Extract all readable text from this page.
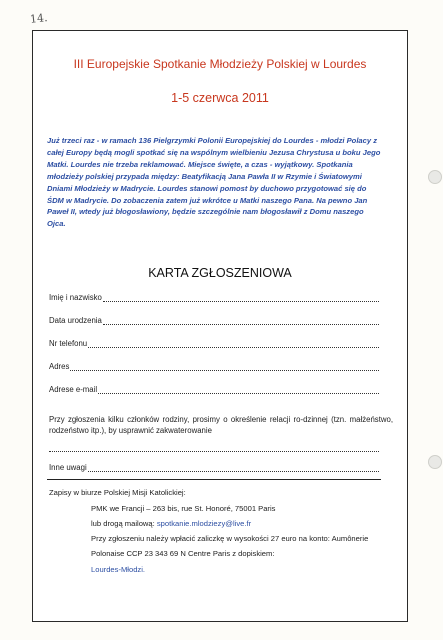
14.
III Europejskie Spotkanie Młodzieży Polskiej w Lourdes
1-5 czerwca 2011
Już trzeci raz - w ramach 136 Pielgrzymki Polonii Europejskiej do Lourdes - młodzi Polacy z
całej Europy będą mogli spotkać się na wspólnym wielbieniu Jezusa Chrystusa u boku Jego
Matki. Lourdes nie trzeba reklamować. Miejsce święte, a czas - wyjątkowy. Spotkania
młodzieży polskiej przypada między: Beatyfikacją Jana Pawła II w Rzymie i Światowymi
Dniami Młodzieży w Madrycie. Lourdes stanowi pomost by duchowo przygotować się do
ŚDM w Madrycie. Do zobaczenia zatem już wkrótce u Matki naszego Pana. Na pewno Jan
Paweł II, wtedy już błogosławiony, będzie szczególnie nam błogosławił z Domu naszego
Ojca.
KARTA ZGŁOSZENIOWA
Imię i nazwisko
Data urodzenia
Nr telefonu
Adres
Adrese e-mail
Przy zgłoszenia kilku członków rodziny, prosimy o określenie relacji ro-dzinnej (tzn. małżeństwo, rodzeństwo itp.), by usprawnić zakwaterowanie
Inne uwagi
Zapisy w biurze Polskiej Misji Katolickiej:
PMK we Francji – 263 bis, rue St. Honoré, 75001 Paris
lub drogą mailową: spotkanie.mlodziezy@live.fr
Przy zgłoszeniu należy wpłacić zaliczkę w wysokości 27 euro na konto: Aumônerie
Polonaise CCP 23 343 69 N Centre Paris z dopiskiem:
Lourdes-Młodzi.
